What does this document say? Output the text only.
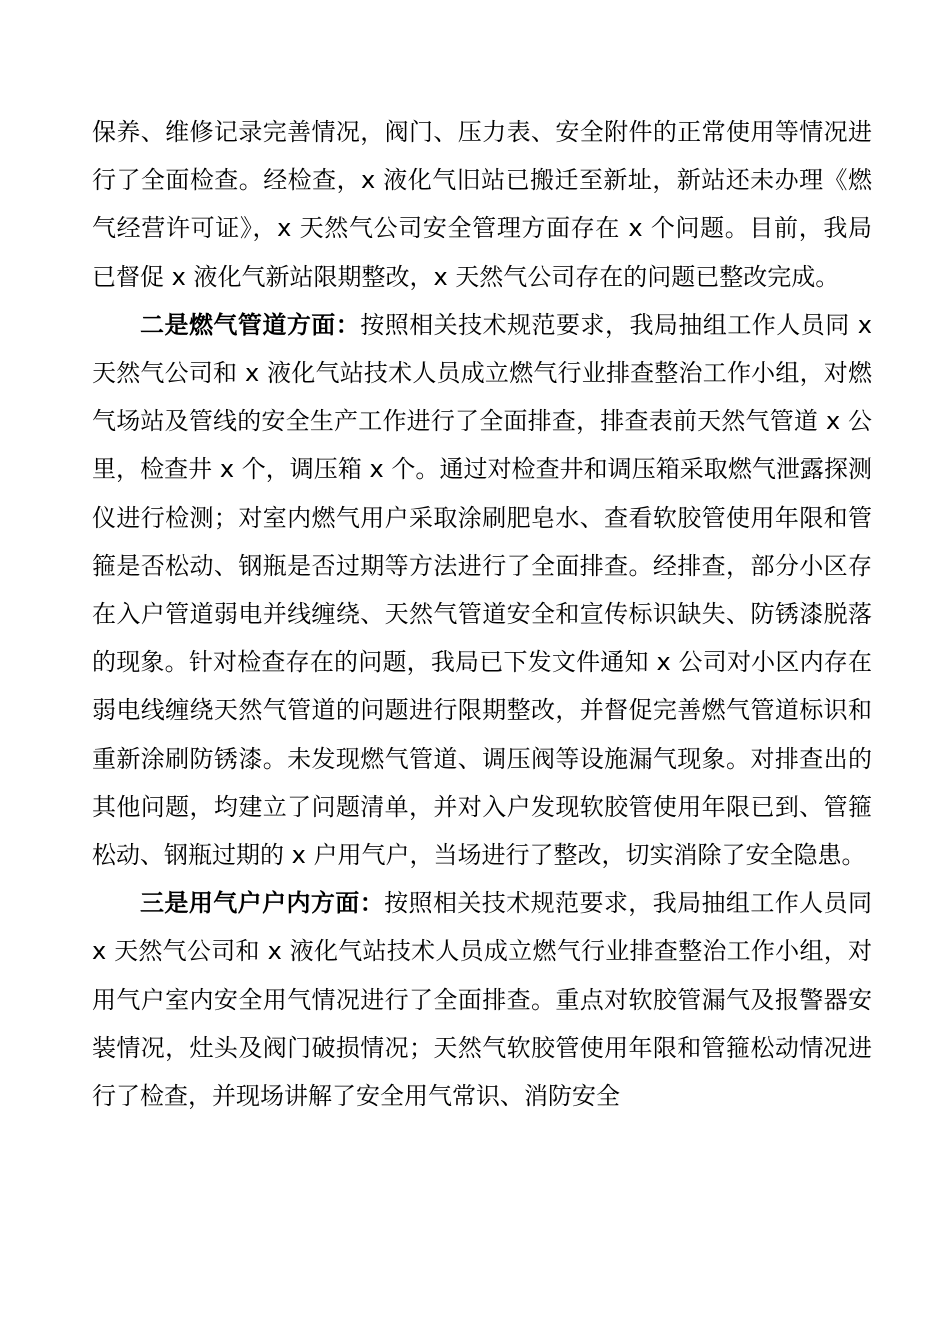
保养、维修记录完善情况，阀门、压力表、安全附件的正常使用等情况进行了全面检查。经检查，x 液化气旧站已搬迁至新址，新站还未办理《燃气经营许可证》，x 天然气公司安全管理方面存在 x 个问题。目前，我局已督促 x 液化气新站限期整改，x 天然气公司存在的问题已整改完成。

二是燃气管道方面：按照相关技术规范要求，我局抽组工作人员同 x 天然气公司和 x 液化气站技术人员成立燃气行业排查整治工作小组，对燃气场站及管线的安全生产工作进行了全面排查，排查表前天然气管道 x 公里，检查井 x 个，调压箱 x 个。通过对检查井和调压箱采取燃气泄露探测仪进行检测；对室内燃气用户采取涂刷肥皂水、查看软胶管使用年限和管箍是否松动、钢瓶是否过期等方法进行了全面排查。经排查，部分小区存在入户管道弱电并线缠绕、天然气管道安全和宣传标识缺失、防锈漆脱落的现象。针对检查存在的问题，我局已下发文件通知 x 公司对小区内存在弱电线缠绕天然气管道的问题进行限期整改，并督促完善燃气管道标识和重新涂刷防锈漆。未发现燃气管道、调压阀等设施漏气现象。对排查出的其他问题，均建立了问题清单，并对入户发现软胶管使用年限已到、管箍松动、钢瓶过期的 x 户用气户，当场进行了整改，切实消除了安全隐患。

三是用气户户内方面：按照相关技术规范要求，我局抽组工作人员同 x 天然气公司和 x 液化气站技术人员成立燃气行业排查整治工作小组，对用气户室内安全用气情况进行了全面排查。重点对软胶管漏气及报警器安装情况，灶头及阀门破损情况；天然气软胶管使用年限和管箍松动情况进行了检查，并现场讲解了安全用气常识、消防安全
